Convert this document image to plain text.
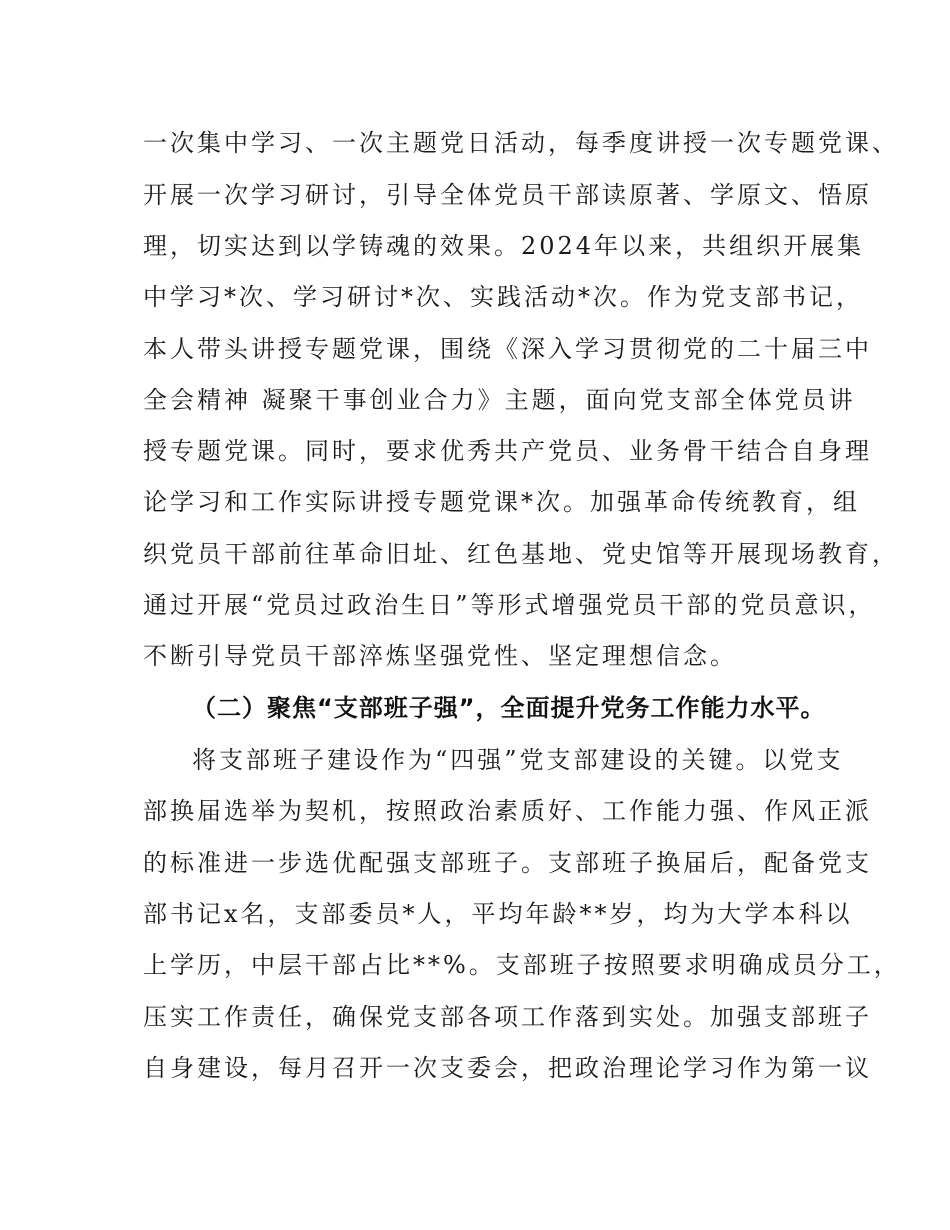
一次集中学习、一次主题党日活动，每季度讲授一次专题党课、
开展一次学习研讨，引导全体党员干部读原著、学原文、悟原
理，切实达到以学铸魂的效果。2024年以来，共组织开展集
中学习*次、学习研讨*次、实践活动*次。作为党支部书记，
本人带头讲授专题党课，围绕《深入学习贯彻党的二十届三中
全会精神 凝聚干事创业合力》主题，面向党支部全体党员讲
授专题党课。同时，要求优秀共产党员、业务骨干结合自身理
论学习和工作实际讲授专题党课*次。加强革命传统教育，组
织党员干部前往革命旧址、红色基地、党史馆等开展现场教育，
通过开展“党员过政治生日”等形式增强党员干部的党员意识，
不断引导党员干部淬炼坚强党性、坚定理想信念。
（二）聚焦“支部班子强”，全面提升党务工作能力水平。
将支部班子建设作为“四强”党支部建设的关键。以党支
部换届选举为契机，按照政治素质好、工作能力强、作风正派
的标准进一步选优配强支部班子。支部班子换届后，配备党支
部书记x名，支部委员*人，平均年龄**岁，均为大学本科以
上学历，中层干部占比**%。支部班子按照要求明确成员分工，
压实工作责任，确保党支部各项工作落到实处。加强支部班子
自身建设，每月召开一次支委会，把政治理论学习作为第一议
